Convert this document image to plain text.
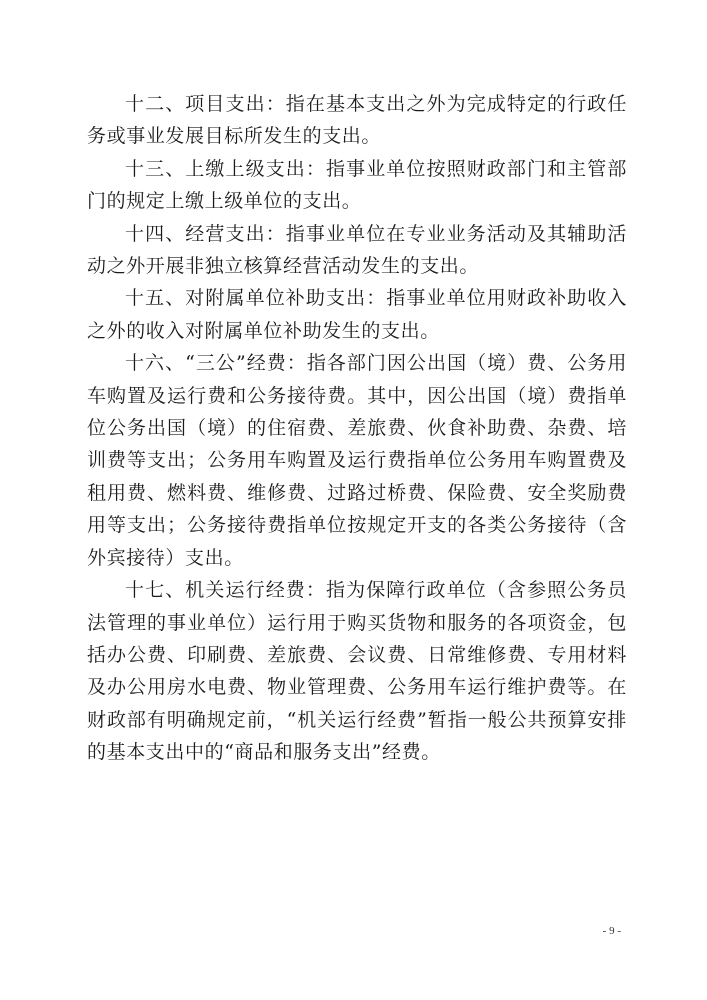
十二、项目支出：指在基本支出之外为完成特定的行政任务或事业发展目标所发生的支出。

十三、上缴上级支出：指事业单位按照财政部门和主管部门的规定上缴上级单位的支出。

十四、经营支出：指事业单位在专业业务活动及其辅助活动之外开展非独立核算经营活动发生的支出。

十五、对附属单位补助支出：指事业单位用财政补助收入之外的收入对附属单位补助发生的支出。

十六、“三公”经费：指各部门因公出国（境）费、公务用车购置及运行费和公务接待费。其中，因公出国（境）费指单位公务出国（境）的住宿费、差旅费、伙食补助费、杂费、培训费等支出；公务用车购置及运行费指单位公务用车购置费及租用费、燃料费、维修费、过路过桥费、保险费、安全奖励费用等支出；公务接待费指单位按规定开支的各类公务接待（含外宾接待）支出。

十七、机关运行经费：指为保障行政单位（含参照公务员法管理的事业单位）运行用于购买货物和服务的各项资金，包括办公费、印刷费、差旅费、会议费、日常维修费、专用材料及办公用房水电费、物业管理费、公务用车运行维护费等。在财政部有明确规定前，“机关运行经费”暂指一般公共预算安排的基本支出中的“商品和服务支出”经费。

- 9 -
